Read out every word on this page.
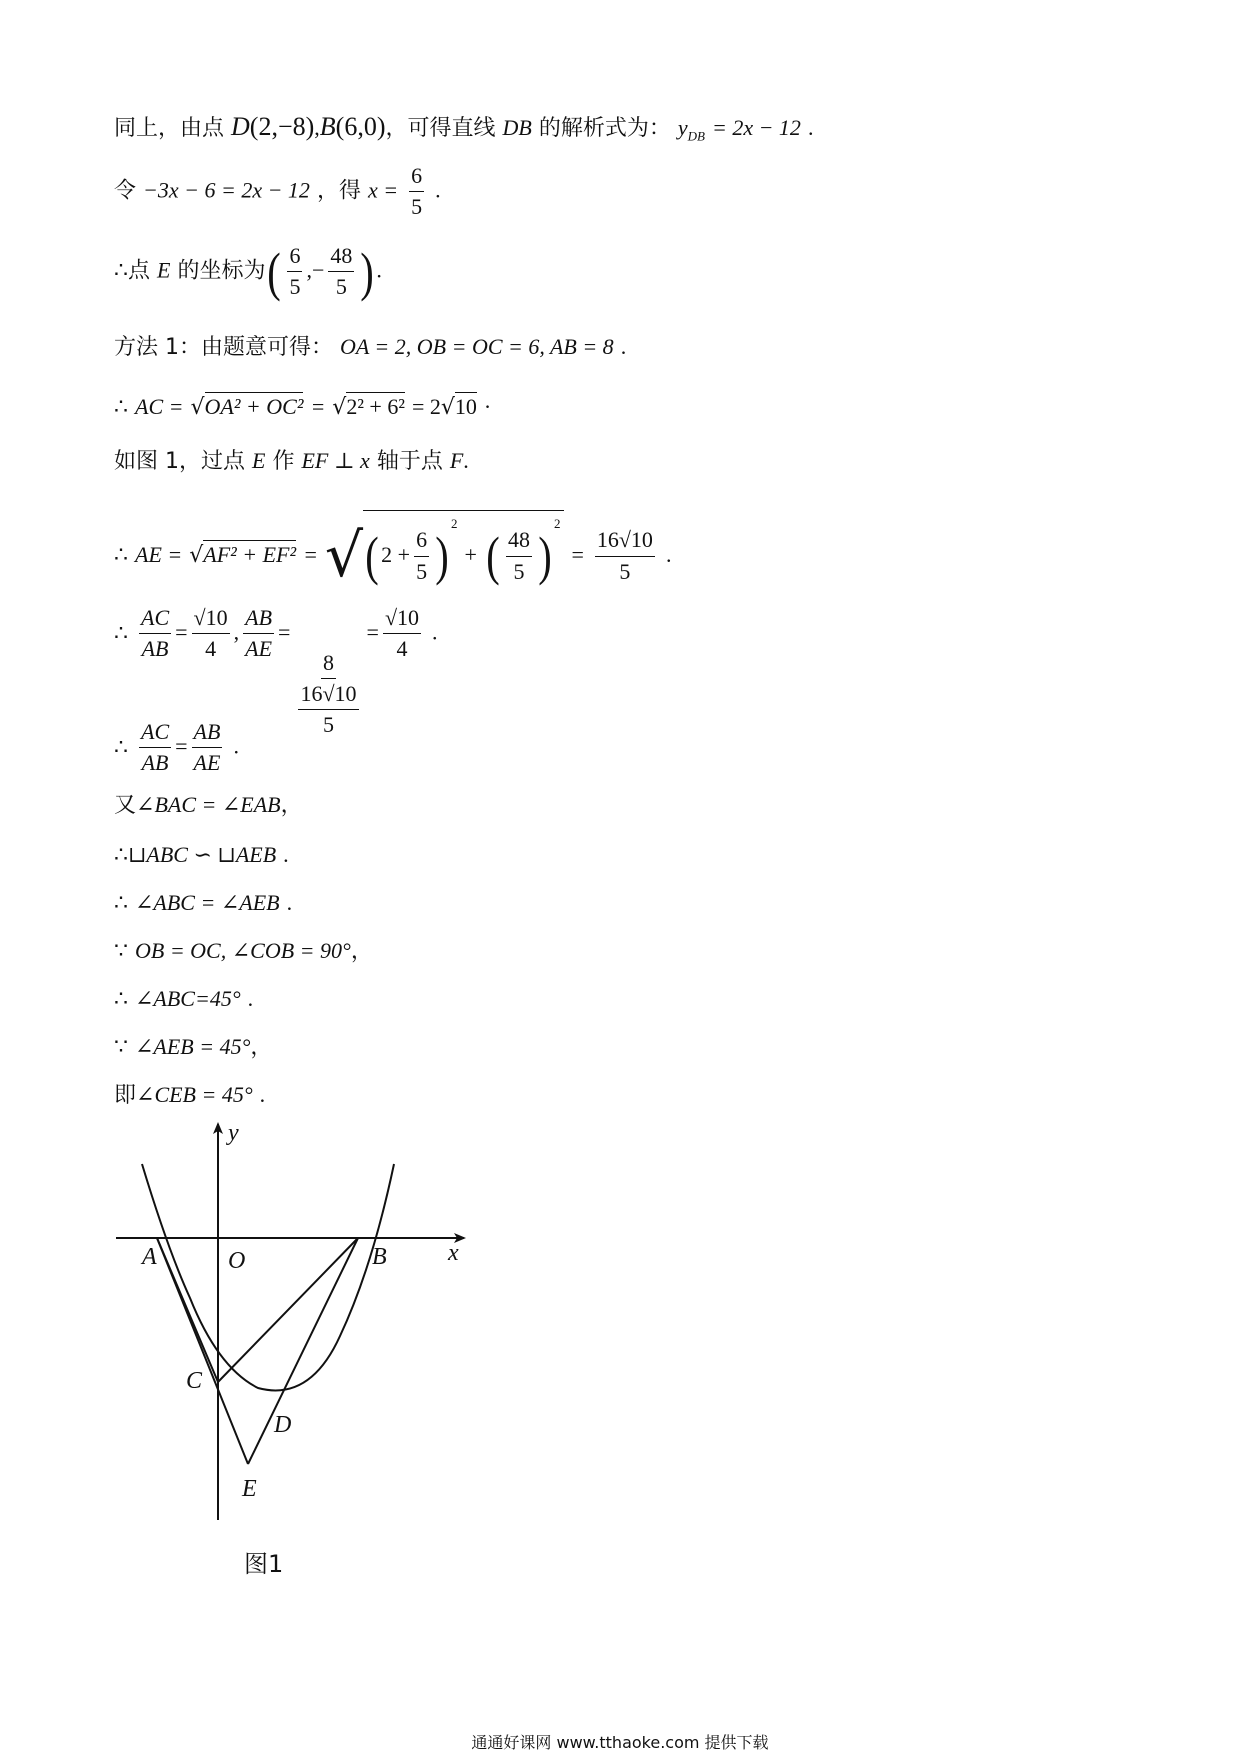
同上，由点 D(2,−8),B(6,0)，可得直线 DB 的解析式为： $y_{DB} = 2x - 12$ .
令 −3x − 6 = 2x − 12 ，得 $x = \frac{6}{5}$ .
∴点 E 的坐标为( $\frac{6}{5}$ ,− $\frac{48}{5}$ ) .
方法 1：由题意可得： OA = 2, OB = OC = 6, AB = 8 .
∴ AC = √OA² + OC² = √2² + 6² = 2√10 ·
如图 1，过点 E 作 EF ⊥ x 轴于点 F.
∴ AE = √AF² + EF² = √( $2 + \frac{6}{5} )^2$ + ( $\frac{48}{5} )^2 = \frac{16√10}{5}$ .
∴ $\frac{AC}{AB} = \frac{√10}{4}$ , $\frac{AB}{AE}$ =
$\frac{8}{\frac{16√10}{5}}$
= $\frac{√10}{4}$ .
∴ $\frac{AC}{AB} = \frac{AB}{AE}$ .
又∠BAC = ∠EAB，
∴⊔ABC ∽ ⊔AEB .
∴ ∠ABC = ∠AEB .
∵ OB = OC, ∠COB = 90°，
∴ ∠ABC=45° .
∵ ∠AEB = 45°，
即∠CEB = 45° .
y
x
A	O	B
C
D
E
图1
通通好课网 www.tthaoke.com 提供下载
